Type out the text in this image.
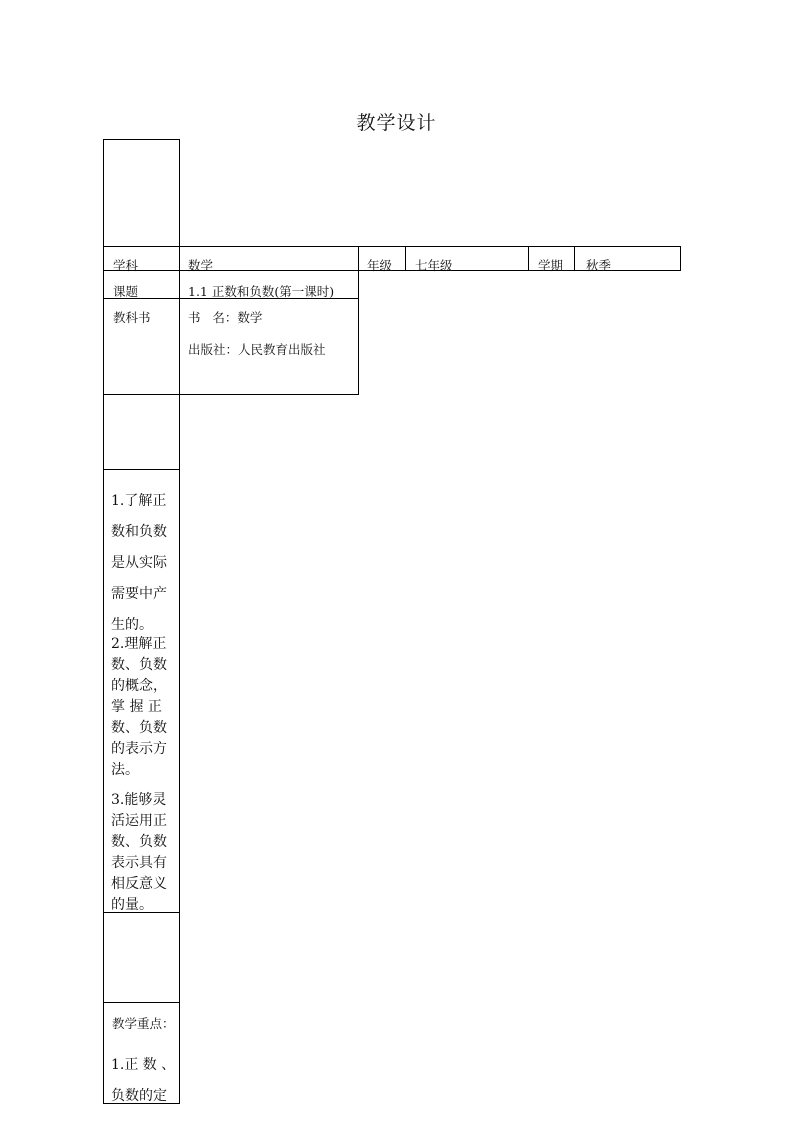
教学设计
学科	数学	年级 七年级	学期 秋季
课题	1.1 正数和负数(第一课时)
教科书	书   名：数学
出版社：人民教育出版社
1.了解正
数和负数
是从实际
需要中产
生的。
2.理解正
数、负数
的概念，
掌 握 正
数、负数
的表示方
法。
3.能够灵
活运用正
数、负数
表示具有
相反意义
的量。
教学重点：
1.正 数 、
负数的定
